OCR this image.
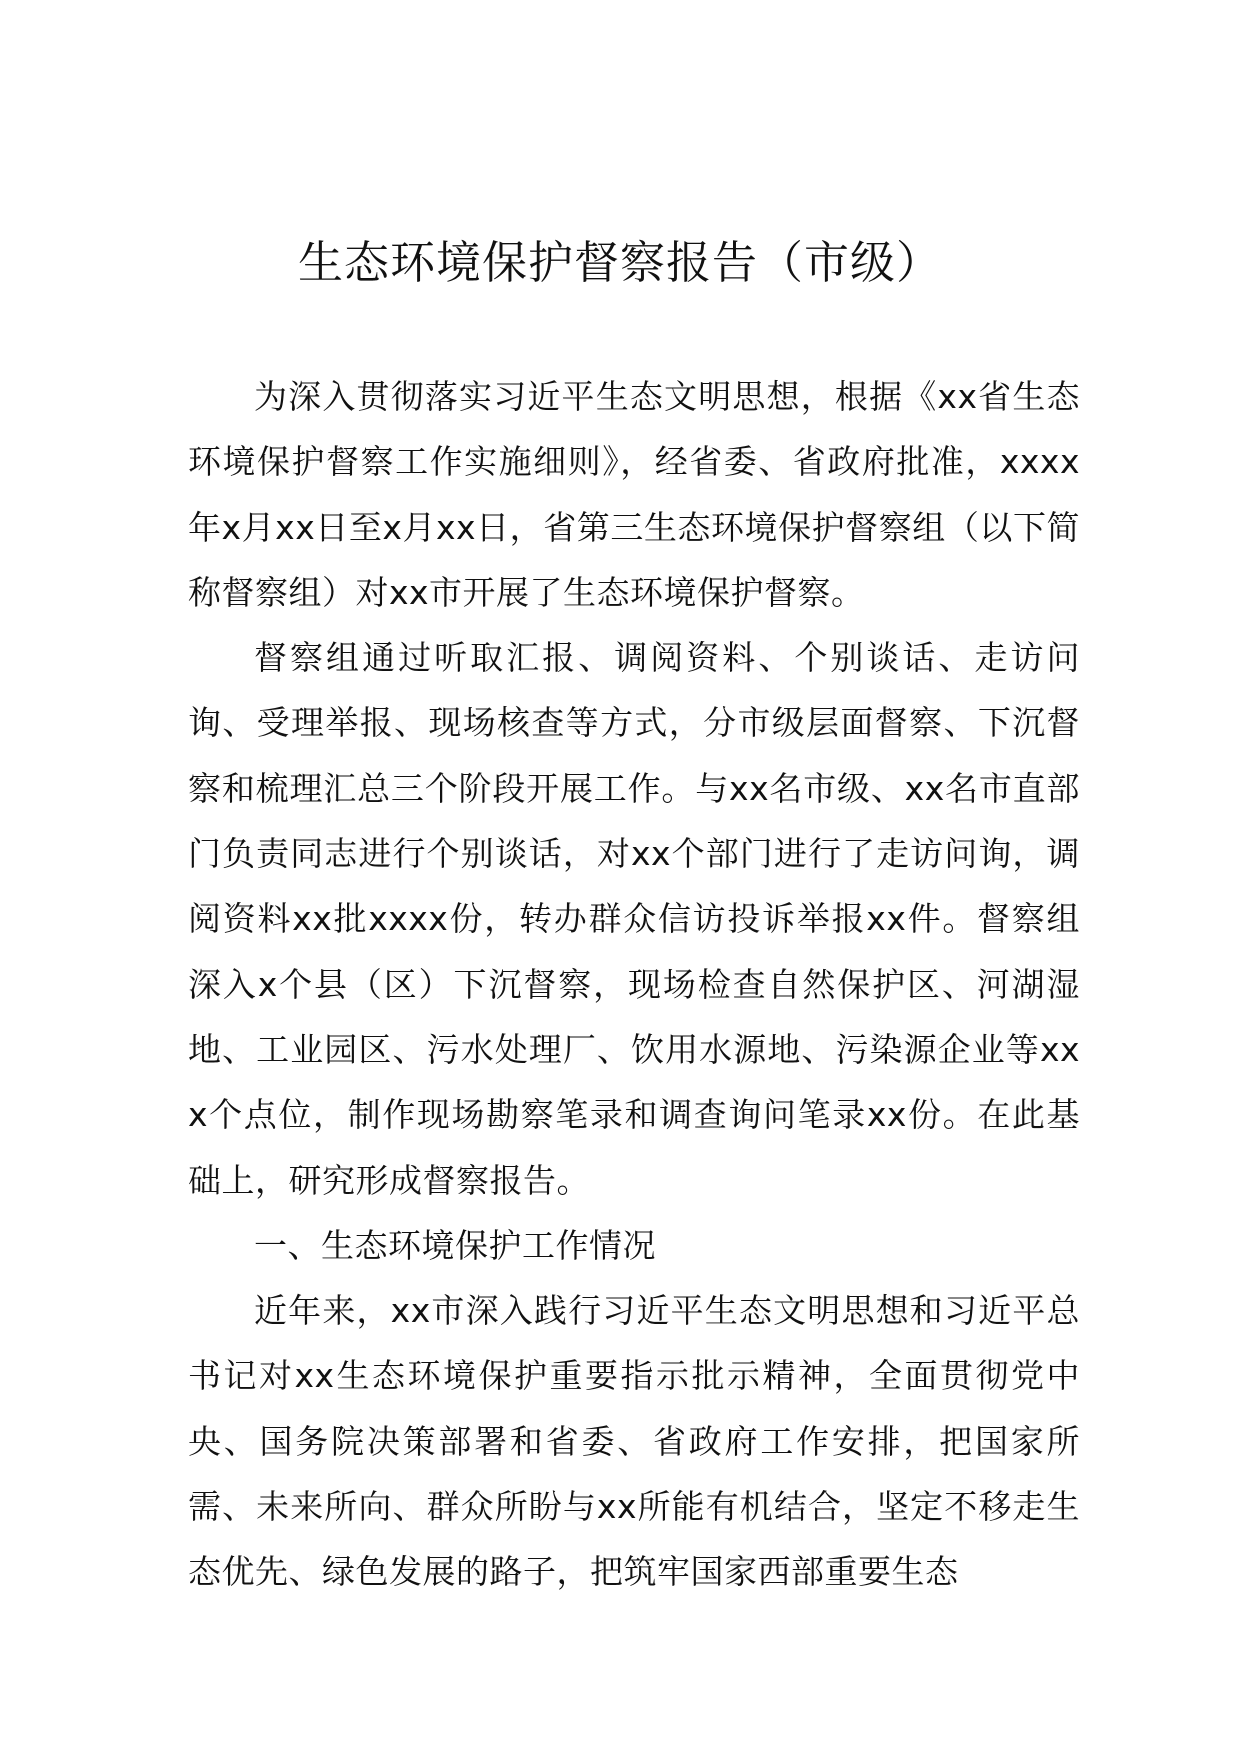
生态环境保护督察报告（市级）

为深入贯彻落实习近平生态文明思想，根据《xx省生态环境保护督察工作实施细则》，经省委、省政府批准，xxxx年x月xx日至x月xx日，省第三生态环境保护督察组（以下简称督察组）对xx市开展了生态环境保护督察。

督察组通过听取汇报、调阅资料、个别谈话、走访问询、受理举报、现场核查等方式，分市级层面督察、下沉督察和梳理汇总三个阶段开展工作。与xx名市级、xx名市直部门负责同志进行个别谈话，对xx个部门进行了走访问询，调阅资料xx批xxxx份，转办群众信访投诉举报xx件。督察组深入x个县（区）下沉督察，现场检查自然保护区、河湖湿地、工业园区、污水处理厂、饮用水源地、污染源企业等xxx个点位，制作现场勘察笔录和调查询问笔录xx份。在此基础上，研究形成督察报告。

一、生态环境保护工作情况

近年来，xx市深入践行习近平生态文明思想和习近平总书记对xx生态环境保护重要指示批示精神，全面贯彻党中央、国务院决策部署和省委、省政府工作安排，把国家所需、未来所向、群众所盼与xx所能有机结合，坚定不移走生态优先、绿色发展的路子，把筑牢国家西部重要生态
